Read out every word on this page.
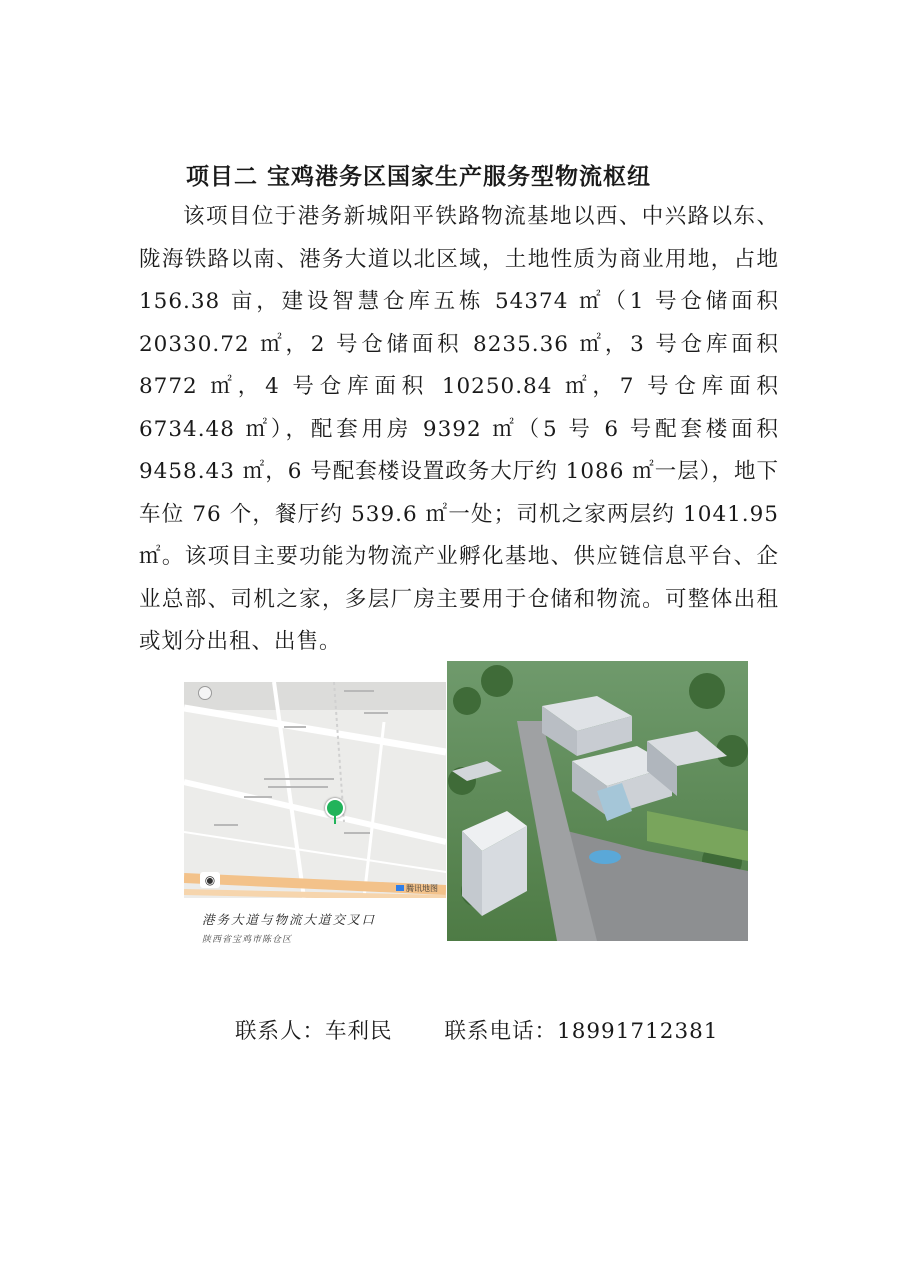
项目二 宝鸡港务区国家生产服务型物流枢纽
该项目位于港务新城阳平铁路物流基地以西、中兴路以东、陇海铁路以南、港务大道以北区域，土地性质为商业用地，占地 156.38 亩，建设智慧仓库五栋 54374 ㎡（1 号仓储面积 20330.72 ㎡，2 号仓储面积 8235.36 ㎡，3 号仓库面积 8772 ㎡，4 号仓库面积 10250.84 ㎡，7 号仓库面积 6734.48 ㎡），配套用房 9392 ㎡（5 号 6 号配套楼面积 9458.43 ㎡，6 号配套楼设置政务大厅约 1086 ㎡一层），地下车位 76 个，餐厅约 539.6 ㎡一处；司机之家两层约 1041.95 ㎡。该项目主要功能为物流产业孵化基地、供应链信息平台、企业总部、司机之家，多层厂房主要用于仓储和物流。可整体出租或划分出租、出售。
◉
腾讯地图
港务大道与物流大道交叉口
陕西省宝鸡市陈仓区
联系人：车利民 联系电话：18991712381
